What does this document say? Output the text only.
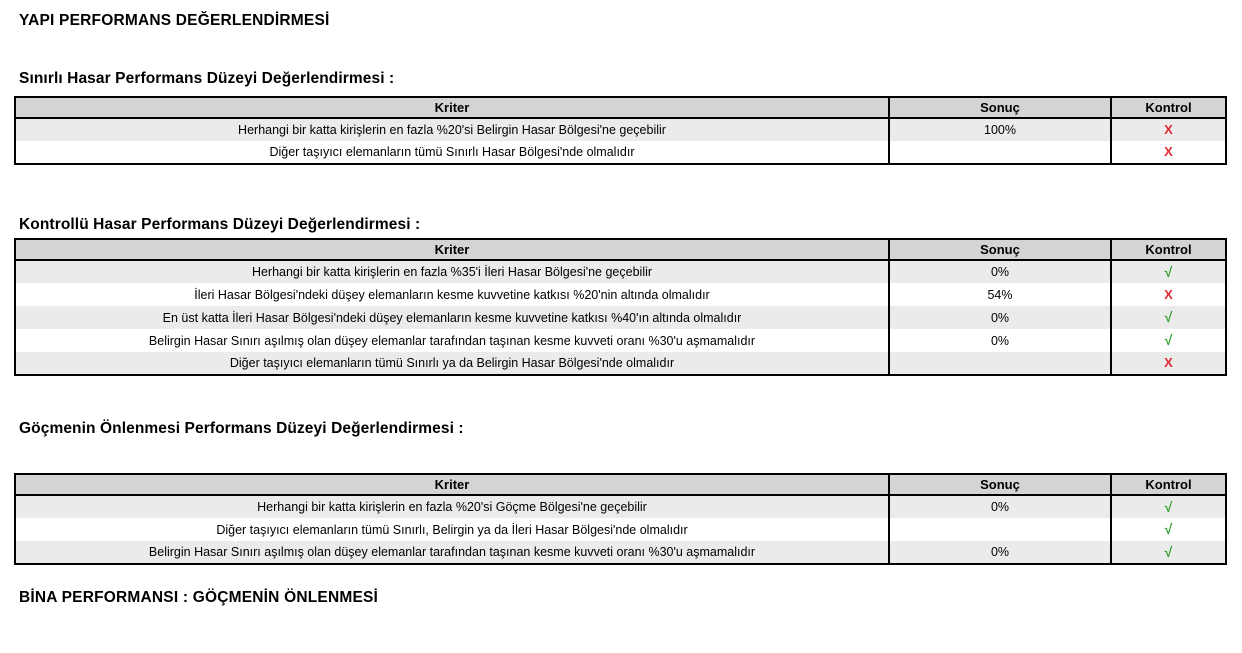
YAPI PERFORMANS DEĞERLENDİRMESİ
Sınırlı Hasar Performans Düzeyi Değerlendirmesi :
Kriter	Sonuç	Kontrol
Herhangi bir katta kirişlerin en fazla %20'si Belirgin Hasar Bölgesi'ne geçebilir	100%	X
Diğer taşıyıcı elemanların tümü Sınırlı Hasar Bölgesi'nde olmalıdır		X
Kontrollü Hasar Performans Düzeyi Değerlendirmesi :
Kriter	Sonuç	Kontrol
Herhangi bir katta kirişlerin en fazla %35'i İleri Hasar Bölgesi'ne geçebilir	0%	√
İleri Hasar Bölgesi'ndeki düşey elemanların kesme kuvvetine katkısı %20'nin altında olmalıdır	54%	X
En üst katta İleri Hasar Bölgesi'ndeki düşey elemanların kesme kuvvetine katkısı %40'ın altında olmalıdır	0%	√
Belirgin Hasar Sınırı aşılmış olan düşey elemanlar tarafından taşınan kesme kuvveti oranı %30'u aşmamalıdır	0%	√
Diğer taşıyıcı elemanların tümü Sınırlı ya da Belirgin Hasar Bölgesi'nde olmalıdır		X
Göçmenin Önlenmesi Performans Düzeyi Değerlendirmesi :
Kriter	Sonuç	Kontrol
Herhangi bir katta kirişlerin en fazla %20'si Göçme Bölgesi'ne geçebilir	0%	√
Diğer taşıyıcı elemanların tümü Sınırlı, Belirgin ya da İleri Hasar Bölgesi'nde olmalıdır		√
Belirgin Hasar Sınırı aşılmış olan düşey elemanlar tarafından taşınan kesme kuvveti oranı %30'u aşmamalıdır	0%	√
BİNA PERFORMANSI : GÖÇMENİN ÖNLENMESİ
